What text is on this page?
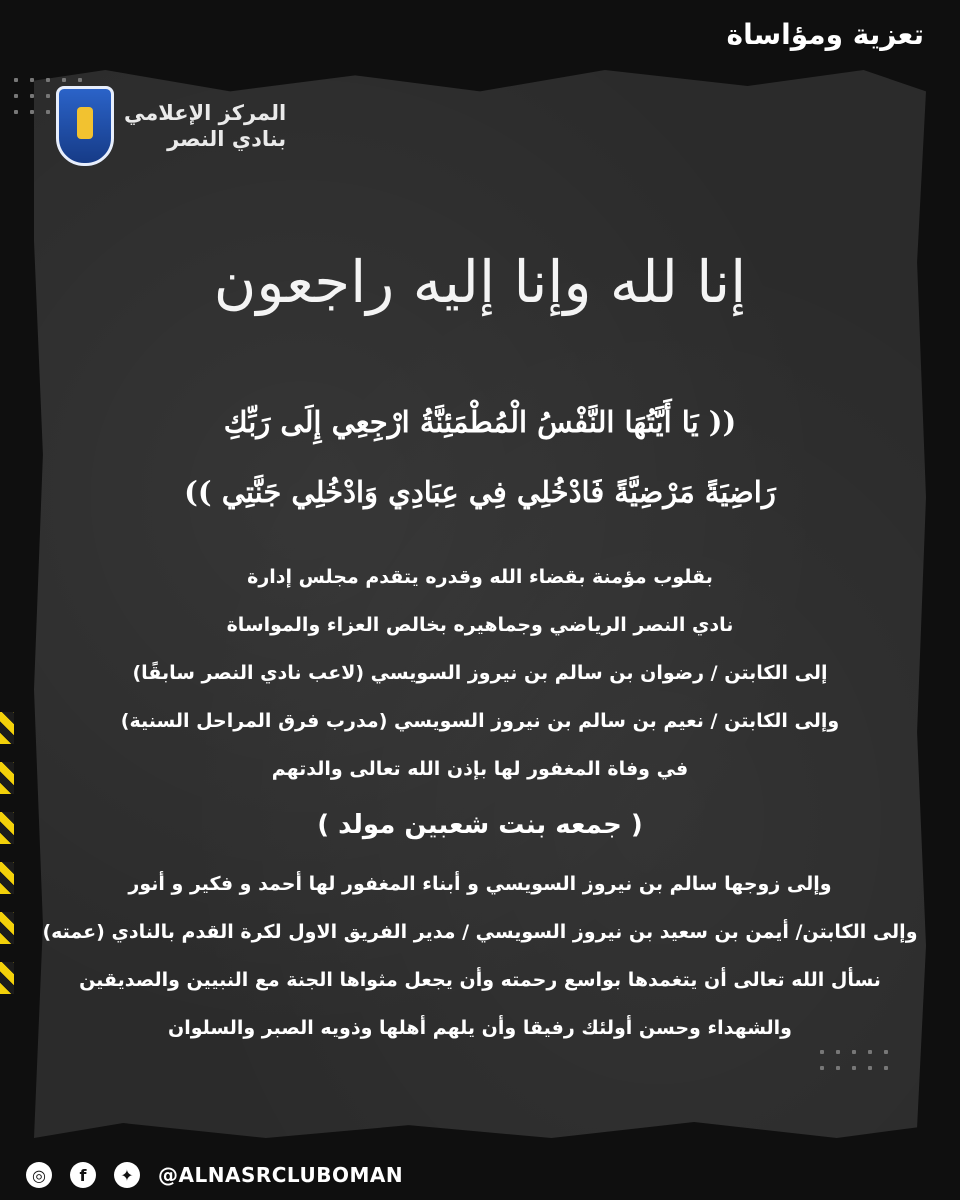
تعزية ومؤاساة
المركز الإعلامي
بنادي النصر
إنا لله وإنا إليه راجعون
(( يَا أَيَّتُهَا النَّفْسُ الْمُطْمَئِنَّةُ ارْجِعِي إِلَى رَبِّكِ
رَاضِيَةً مَرْضِيَّةً فَادْخُلِي فِي عِبَادِي وَادْخُلِي جَنَّتِي ))
بقلوب مؤمنة بقضاء الله وقدره يتقدم مجلس إدارة
نادي النصر الرياضي وجماهيره بخالص العزاء والمواساة
إلى الكابتن / رضوان بن سالم بن نيروز السويسي (لاعب نادي النصر سابقًا)
وإلى الكابتن / نعيم بن سالم بن نيروز السويسي (مدرب فرق المراحل السنية)
في وفاة المغفور لها بإذن الله تعالى والدتهم
( جمعه بنت شعبين مولد )
وإلى زوجها سالم بن نيروز السويسي و أبناء المغفور لها أحمد و فكير و أنور
وإلى الكابتن/ أيمن بن سعيد بن نيروز السويسي / مدير الفريق الاول لكرة القدم بالنادي (عمته)
نسأل الله تعالى أن يتغمدها بواسع رحمته وأن يجعل مثواها الجنة مع النبيين والصديقين
والشهداء وحسن أولئك رفيقا وأن يلهم أهلها وذويه الصبر والسلوان
◎	f	✦	@ALNASRCLUBOMAN
